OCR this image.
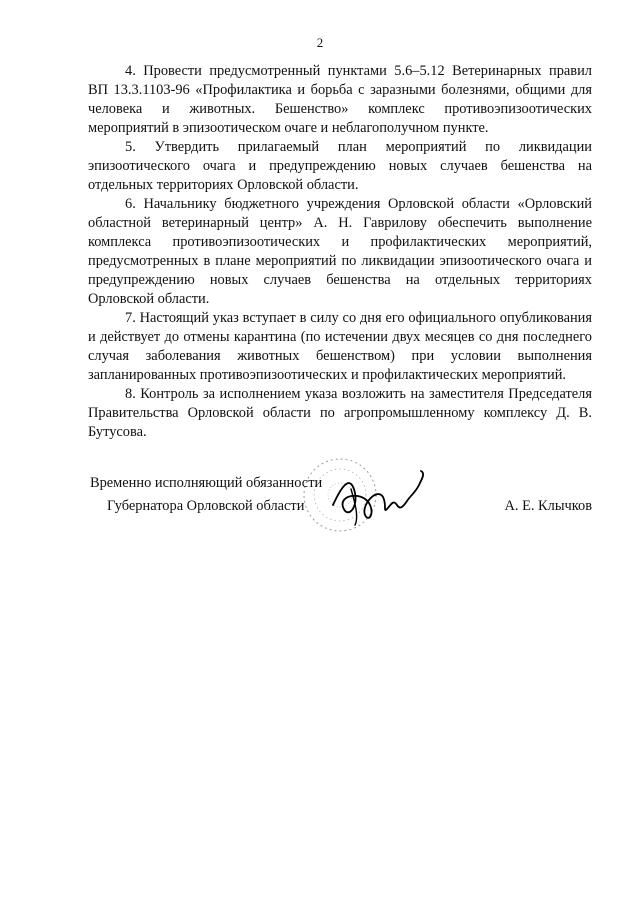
2

4. Провести предусмотренный пунктами 5.6–5.12 Ветеринарных правил ВП 13.3.1103-96 «Профилактика и борьба с заразными болезнями, общими для человека и животных. Бешенство» комплекс противоэпизоотических мероприятий в эпизоотическом очаге и неблагополучном пункте.

5. Утвердить прилагаемый план мероприятий по ликвидации эпизоотического очага и предупреждению новых случаев бешенства на отдельных территориях Орловской области.

6. Начальнику бюджетного учреждения Орловской области «Орловский областной ветеринарный центр» А. Н. Гаврилову обеспечить выполнение комплекса противоэпизоотических и профилактических мероприятий, предусмотренных в плане мероприятий по ликвидации эпизоотического очага и предупреждению новых случаев бешенства на отдельных территориях Орловской области.

7. Настоящий указ вступает в силу со дня его официального опубликования и действует до отмены карантина (по истечении двух месяцев со дня последнего случая заболевания животных бешенством) при условии выполнения запланированных противоэпизоотических и профилактических мероприятий.

8. Контроль за исполнением указа возложить на заместителя Председателя Правительства Орловской области по агропромышленному комплексу Д. В. Бутусова.

Временно исполняющий обязанности
Губернатора Орловской области	А. Е. Клычков
